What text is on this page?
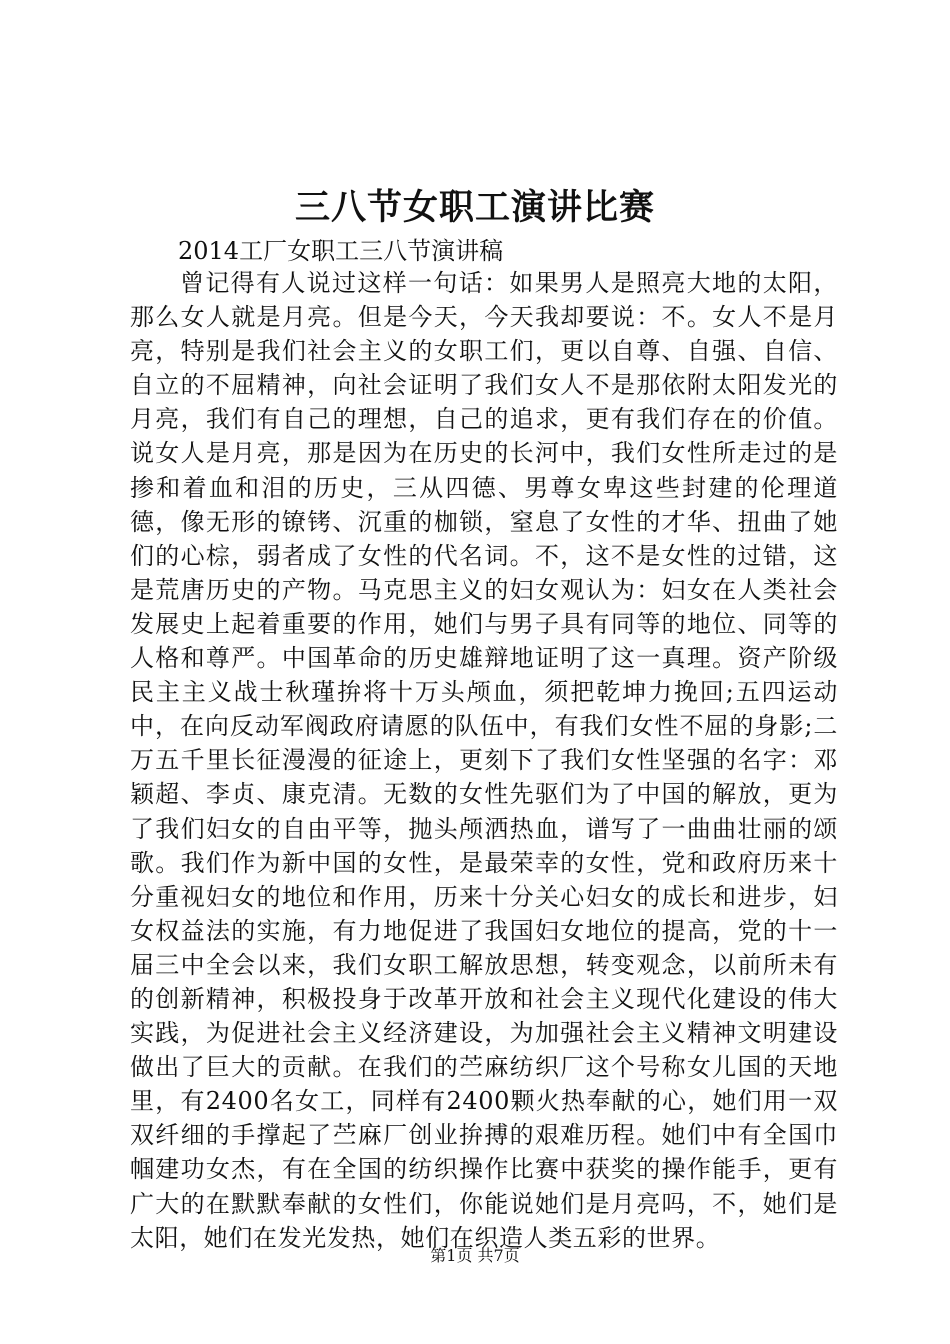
三八节女职工演讲比赛

2014工厂女职工三八节演讲稿

曾记得有人说过这样一句话：如果男人是照亮大地的太阳，那么女人就是月亮。但是今天，今天我却要说：不。女人不是月亮，特别是我们社会主义的女职工们，更以自尊、自强、自信、自立的不屈精神，向社会证明了我们女人不是那依附太阳发光的月亮，我们有自己的理想，自己的追求，更有我们存在的价值。说女人是月亮，那是因为在历史的长河中，我们女性所走过的是掺和着血和泪的历史，三从四德、男尊女卑这些封建的伦理道德，像无形的镣铐、沉重的枷锁，窒息了女性的才华、扭曲了她们的心棕，弱者成了女性的代名词。不，这不是女性的过错，这是荒唐历史的产物。马克思主义的妇女观认为：妇女在人类社会发展史上起着重要的作用，她们与男子具有同等的地位、同等的人格和尊严。中国革命的历史雄辩地证明了这一真理。资产阶级民主主义战士秋瑾拚将十万头颅血，须把乾坤力挽回;五四运动中，在向反动军阀政府请愿的队伍中，有我们女性不屈的身影;二万五千里长征漫漫的征途上，更刻下了我们女性坚强的名字：邓颖超、李贞、康克清。无数的女性先驱们为了中国的解放，更为了我们妇女的自由平等，抛头颅洒热血，谱写了一曲曲壮丽的颂歌。我们作为新中国的女性，是最荣幸的女性，党和政府历来十分重视妇女的地位和作用，历来十分关心妇女的成长和进步，妇女权益法的实施，有力地促进了我国妇女地位的提高，党的十一届三中全会以来，我们女职工解放思想，转变观念，以前所未有的创新精神，积极投身于改革开放和社会主义现代化建设的伟大实践，为促进社会主义经济建设，为加强社会主义精神文明建设做出了巨大的贡献。在我们的苎麻纺织厂这个号称女儿国的天地里，有2400名女工，同样有2400颗火热奉献的心，她们用一双双纤细的手撑起了苎麻厂创业拚搏的艰难历程。她们中有全国巾帼建功女杰，有在全国的纺织操作比赛中获奖的操作能手，更有广大的在默默奉献的女性们，你能说她们是月亮吗，不，她们是太阳，她们在发光发热，她们在织造人类五彩的世界。

第1页 共7页
